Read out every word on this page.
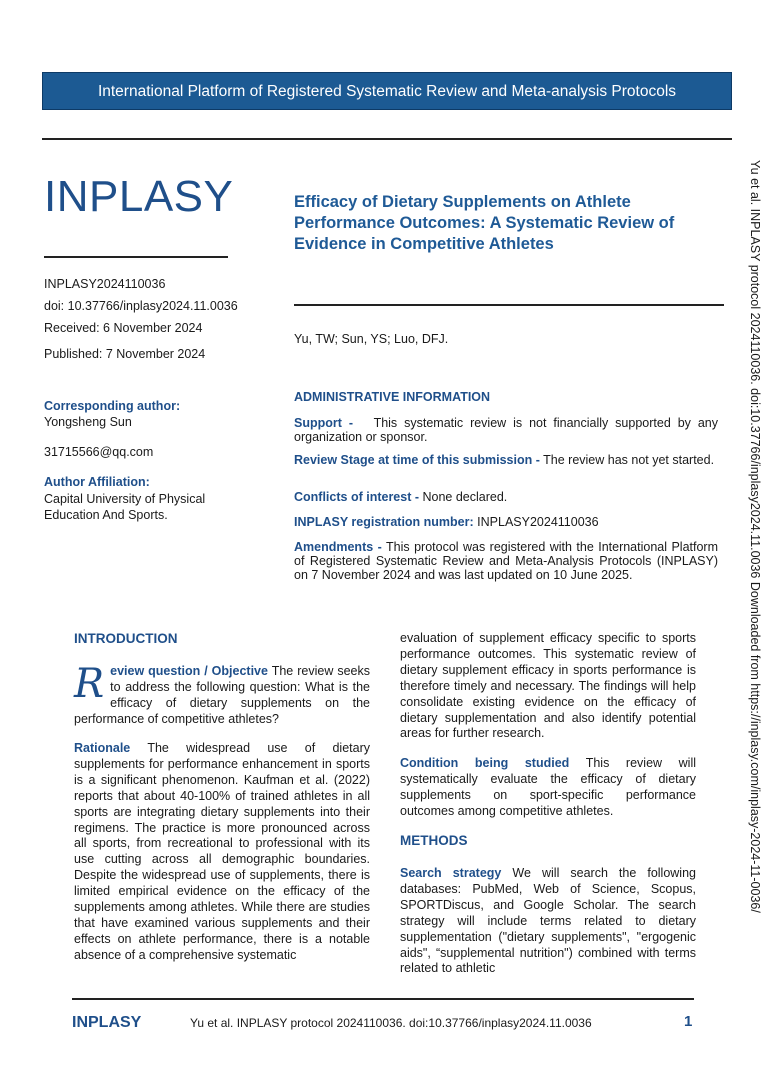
International Platform of Registered Systematic Review and Meta-analysis Protocols
INPLASY
INPLASY2024110036
doi: 10.37766/inplasy2024.11.0036
Received: 6 November 2024
Published: 7 November 2024
Corresponding author:
Yongsheng Sun
31715566@qq.com
Author Affiliation:
Capital University of Physical Education And Sports.
Efficacy of Dietary Supplements on Athlete Performance Outcomes: A Systematic Review of Evidence in Competitive Athletes
Yu, TW; Sun, YS; Luo, DFJ.
ADMINISTRATIVE INFORMATION
Support - This systematic review is not financially supported by any organization or sponsor.
Review Stage at time of this submission - The review has not yet started.
Conflicts of interest - None declared.
INPLASY registration number: INPLASY2024110036
Amendments - This protocol was registered with the International Platform of Registered Systematic Review and Meta-Analysis Protocols (INPLASY) on 7 November 2024 and was last updated on 10 June 2025.
INTRODUCTION
R eview question / Objective The review seeks to address the following question: What is the efficacy of dietary supplements on the performance of competitive athletes?
Rationale The widespread use of dietary supplements for performance enhancement in sports is a significant phenomenon. Kaufman et al. (2022) reports that about 40-100% of trained athletes in all sports are integrating dietary supplements into their regimens. The practice is more pronounced across all sports, from recreational to professional with its use cutting across all demographic boundaries. Despite the widespread use of supplements, there is limited empirical evidence on the efficacy of the supplements among athletes. While there are studies that have examined various supplements and their effects on athlete performance, there is a notable absence of a comprehensive systematic
evaluation of supplement efficacy specific to sports performance outcomes. This systematic review of dietary supplement efficacy in sports performance is therefore timely and necessary. The findings will help consolidate existing evidence on the efficacy of dietary supplementation and also identify potential areas for further research.
Condition being studied This review will systematically evaluate the efficacy of dietary supplements on sport-specific performance outcomes among competitive athletes.
METHODS
Search strategy We will search the following databases: PubMed, Web of Science, Scopus, SPORTDiscus, and Google Scholar. The search strategy will include terms related to dietary supplementation ("dietary supplements", "ergogenic aids", “supplemental nutrition") combined with terms related to athletic
Yu et al. INPLASY protocol 2024110036. doi:10.37766/inplasy2024.11.0036 Downloaded from https://inplasy.com/inplasy-2024-11-0036/
INPLASY	Yu et al. INPLASY protocol 2024110036. doi:10.37766/inplasy2024.11.0036	1
